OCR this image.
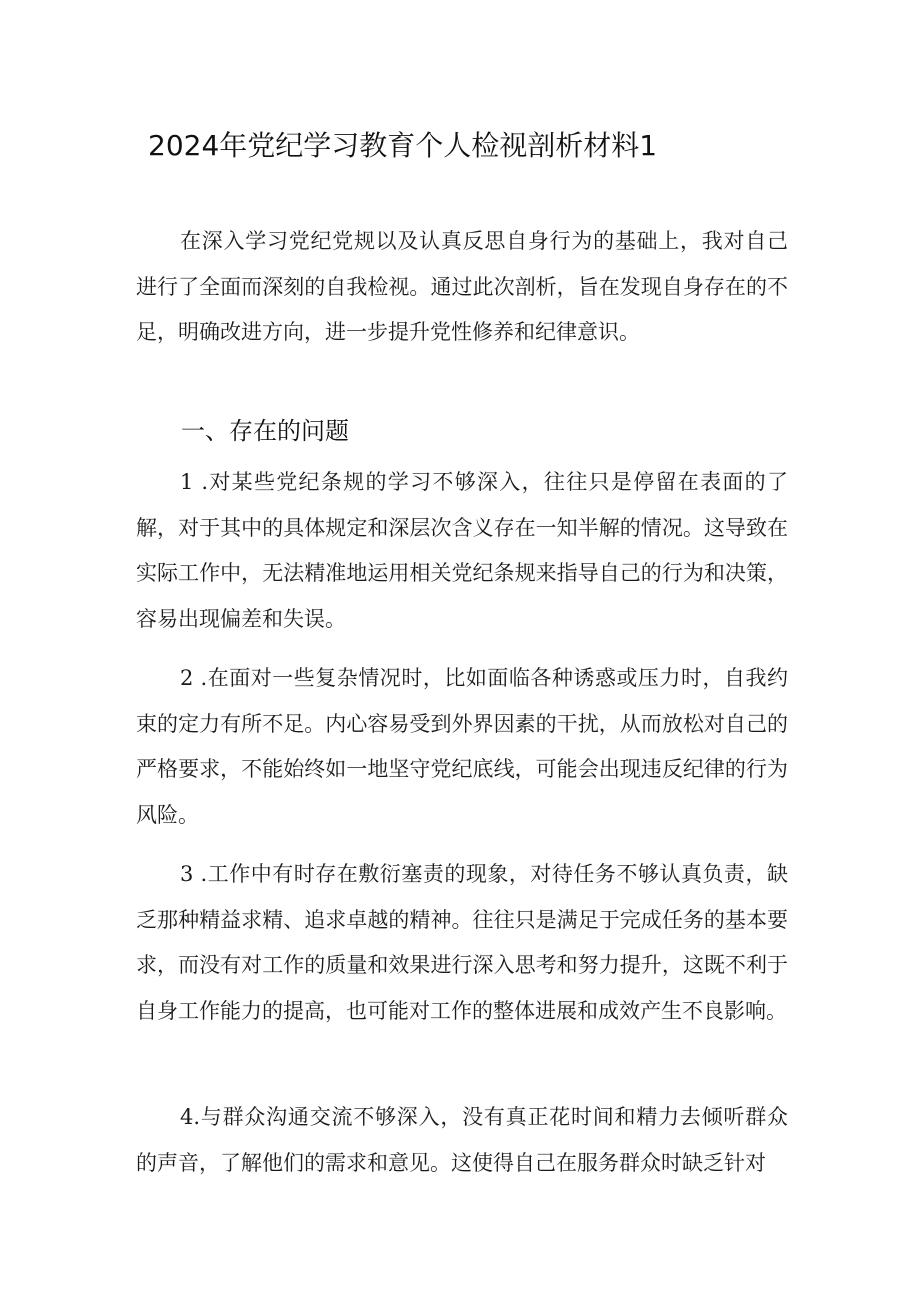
2024年党纪学习教育个人检视剖析材料1

在深入学习党纪党规以及认真反思自身行为的基础上，我对自己进行了全面而深刻的自我检视。通过此次剖析，旨在发现自身存在的不足，明确改进方向，进一步提升党性修养和纪律意识。

一、存在的问题

1 .对某些党纪条规的学习不够深入，往往只是停留在表面的了解，对于其中的具体规定和深层次含义存在一知半解的情况。这导致在实际工作中，无法精准地运用相关党纪条规来指导自己的行为和决策，容易出现偏差和失误。

2 .在面对一些复杂情况时，比如面临各种诱惑或压力时，自我约束的定力有所不足。内心容易受到外界因素的干扰，从而放松对自己的严格要求，不能始终如一地坚守党纪底线，可能会出现违反纪律的行为风险。

3 .工作中有时存在敷衍塞责的现象，对待任务不够认真负责，缺乏那种精益求精、追求卓越的精神。往往只是满足于完成任务的基本要求，而没有对工作的质量和效果进行深入思考和努力提升，这既不利于自身工作能力的提高，也可能对工作的整体进展和成效产生不良影响。

4.与群众沟通交流不够深入，没有真正花时间和精力去倾听群众的声音，了解他们的需求和意见。这使得自己在服务群众时缺乏针对
